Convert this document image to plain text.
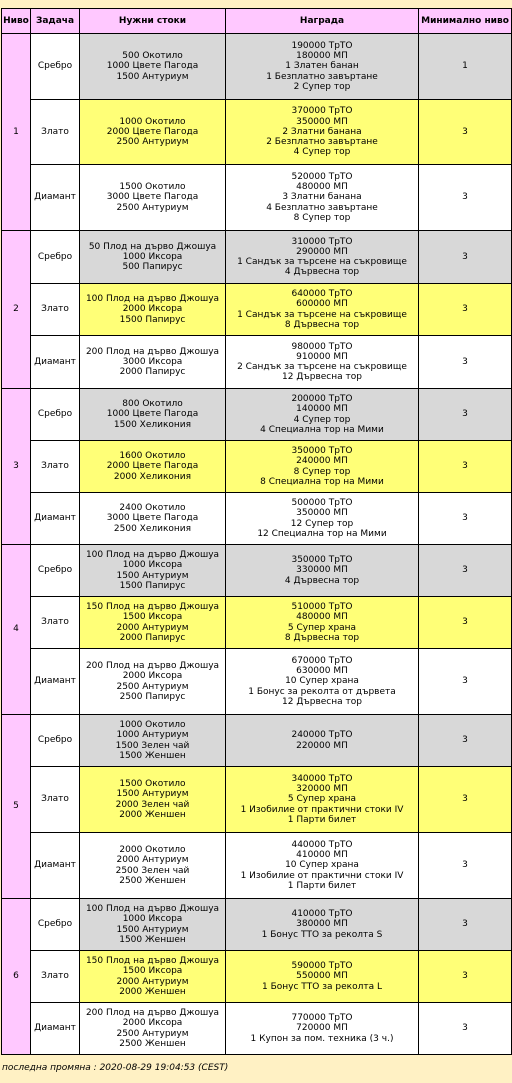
Ниво	Задача	Нужни стоки	Награда	Минимално ниво
1	Сребро	500 Окотило
1000 Цвете Пагода
1500 Антуриум	190000 ТрТО
180000 МП
1 Златен банан
1 Безплатно завъртане
2 Супер тор	1
	Злато	1000 Окотило
2000 Цвете Пагода
2500 Антуриум	370000 ТрТО
350000 МП
2 Златни банана
2 Безплатно завъртане
4 Супер тор	3
	Диамант	1500 Окотило
3000 Цвете Пагода
2500 Антуриум	520000 ТрТО
480000 МП
3 Златни банана
4 Безплатно завъртане
8 Супер тор	3
2	Сребро	50 Плод на дърво Джошуа
1000 Иксора
500 Папирус	310000 ТрТО
290000 МП
1 Сандък за търсене на съкровище
4 Дървесна тор	3
	Злато	100 Плод на дърво Джошуа
2000 Иксора
1500 Папирус	640000 ТрТО
600000 МП
1 Сандък за търсене на съкровище
8 Дървесна тор	3
	Диамант	200 Плод на дърво Джошуа
3000 Иксора
2000 Папирус	980000 ТрТО
910000 МП
2 Сандък за търсене на съкровище
12 Дървесна тор	3
3	Сребро	800 Окотило
1000 Цвете Пагода
1500 Хеликония	200000 ТрТО
140000 МП
4 Супер тор
4 Специална тор на Мими	3
	Злато	1600 Окотило
2000 Цвете Пагода
2000 Хеликония	350000 ТрТО
240000 МП
8 Супер тор
8 Специална тор на Мими	3
	Диамант	2400 Окотило
3000 Цвете Пагода
2500 Хеликония	500000 ТрТО
350000 МП
12 Супер тор
12 Специална тор на Мими	3
4	Сребро	100 Плод на дърво Джошуа
1000 Иксора
1500 Антуриум
1500 Папирус	350000 ТрТО
330000 МП
4 Дървесна тор	3
	Злато	150 Плод на дърво Джошуа
1500 Иксора
2000 Антуриум
2000 Папирус	510000 ТрТО
480000 МП
5 Супер храна
8 Дървесна тор	3
	Диамант	200 Плод на дърво Джошуа
2000 Иксора
2500 Антуриум
2500 Папирус	670000 ТрТО
630000 МП
10 Супер храна
1 Бонус за реколта от дървета
12 Дървесна тор	3
5	Сребро	1000 Окотило
1000 Антуриум
1500 Зелен чай
1500 Женшен	240000 ТрТО
220000 МП	3
	Злато	1500 Окотило
1500 Антуриум
2000 Зелен чай
2000 Женшен	340000 ТрТО
320000 МП
5 Супер храна
1 Изобилие от практични стоки IV
1 Парти билет	3
	Диамант	2000 Окотило
2000 Антуриум
2500 Зелен чай
2500 Женшен	440000 ТрТО
410000 МП
10 Супер храна
1 Изобилие от практични стоки IV
1 Парти билет	3
6	Сребро	100 Плод на дърво Джошуа
1000 Иксора
1500 Антуриум
1500 Женшен	410000 ТрТО
380000 МП
1 Бонус ТТО за реколта S	3
	Злато	150 Плод на дърво Джошуа
1500 Иксора
2000 Антуриум
2000 Женшен	590000 ТрТО
550000 МП
1 Бонус ТТО за реколта L	3
	Диамант	200 Плод на дърво Джошуа
2000 Иксора
2500 Антуриум
2500 Женшен	770000 ТрТО
720000 МП
1 Купон за пом. техника (3 ч.)	3
последна промяна : 2020-08-29 19:04:53 (CEST)
